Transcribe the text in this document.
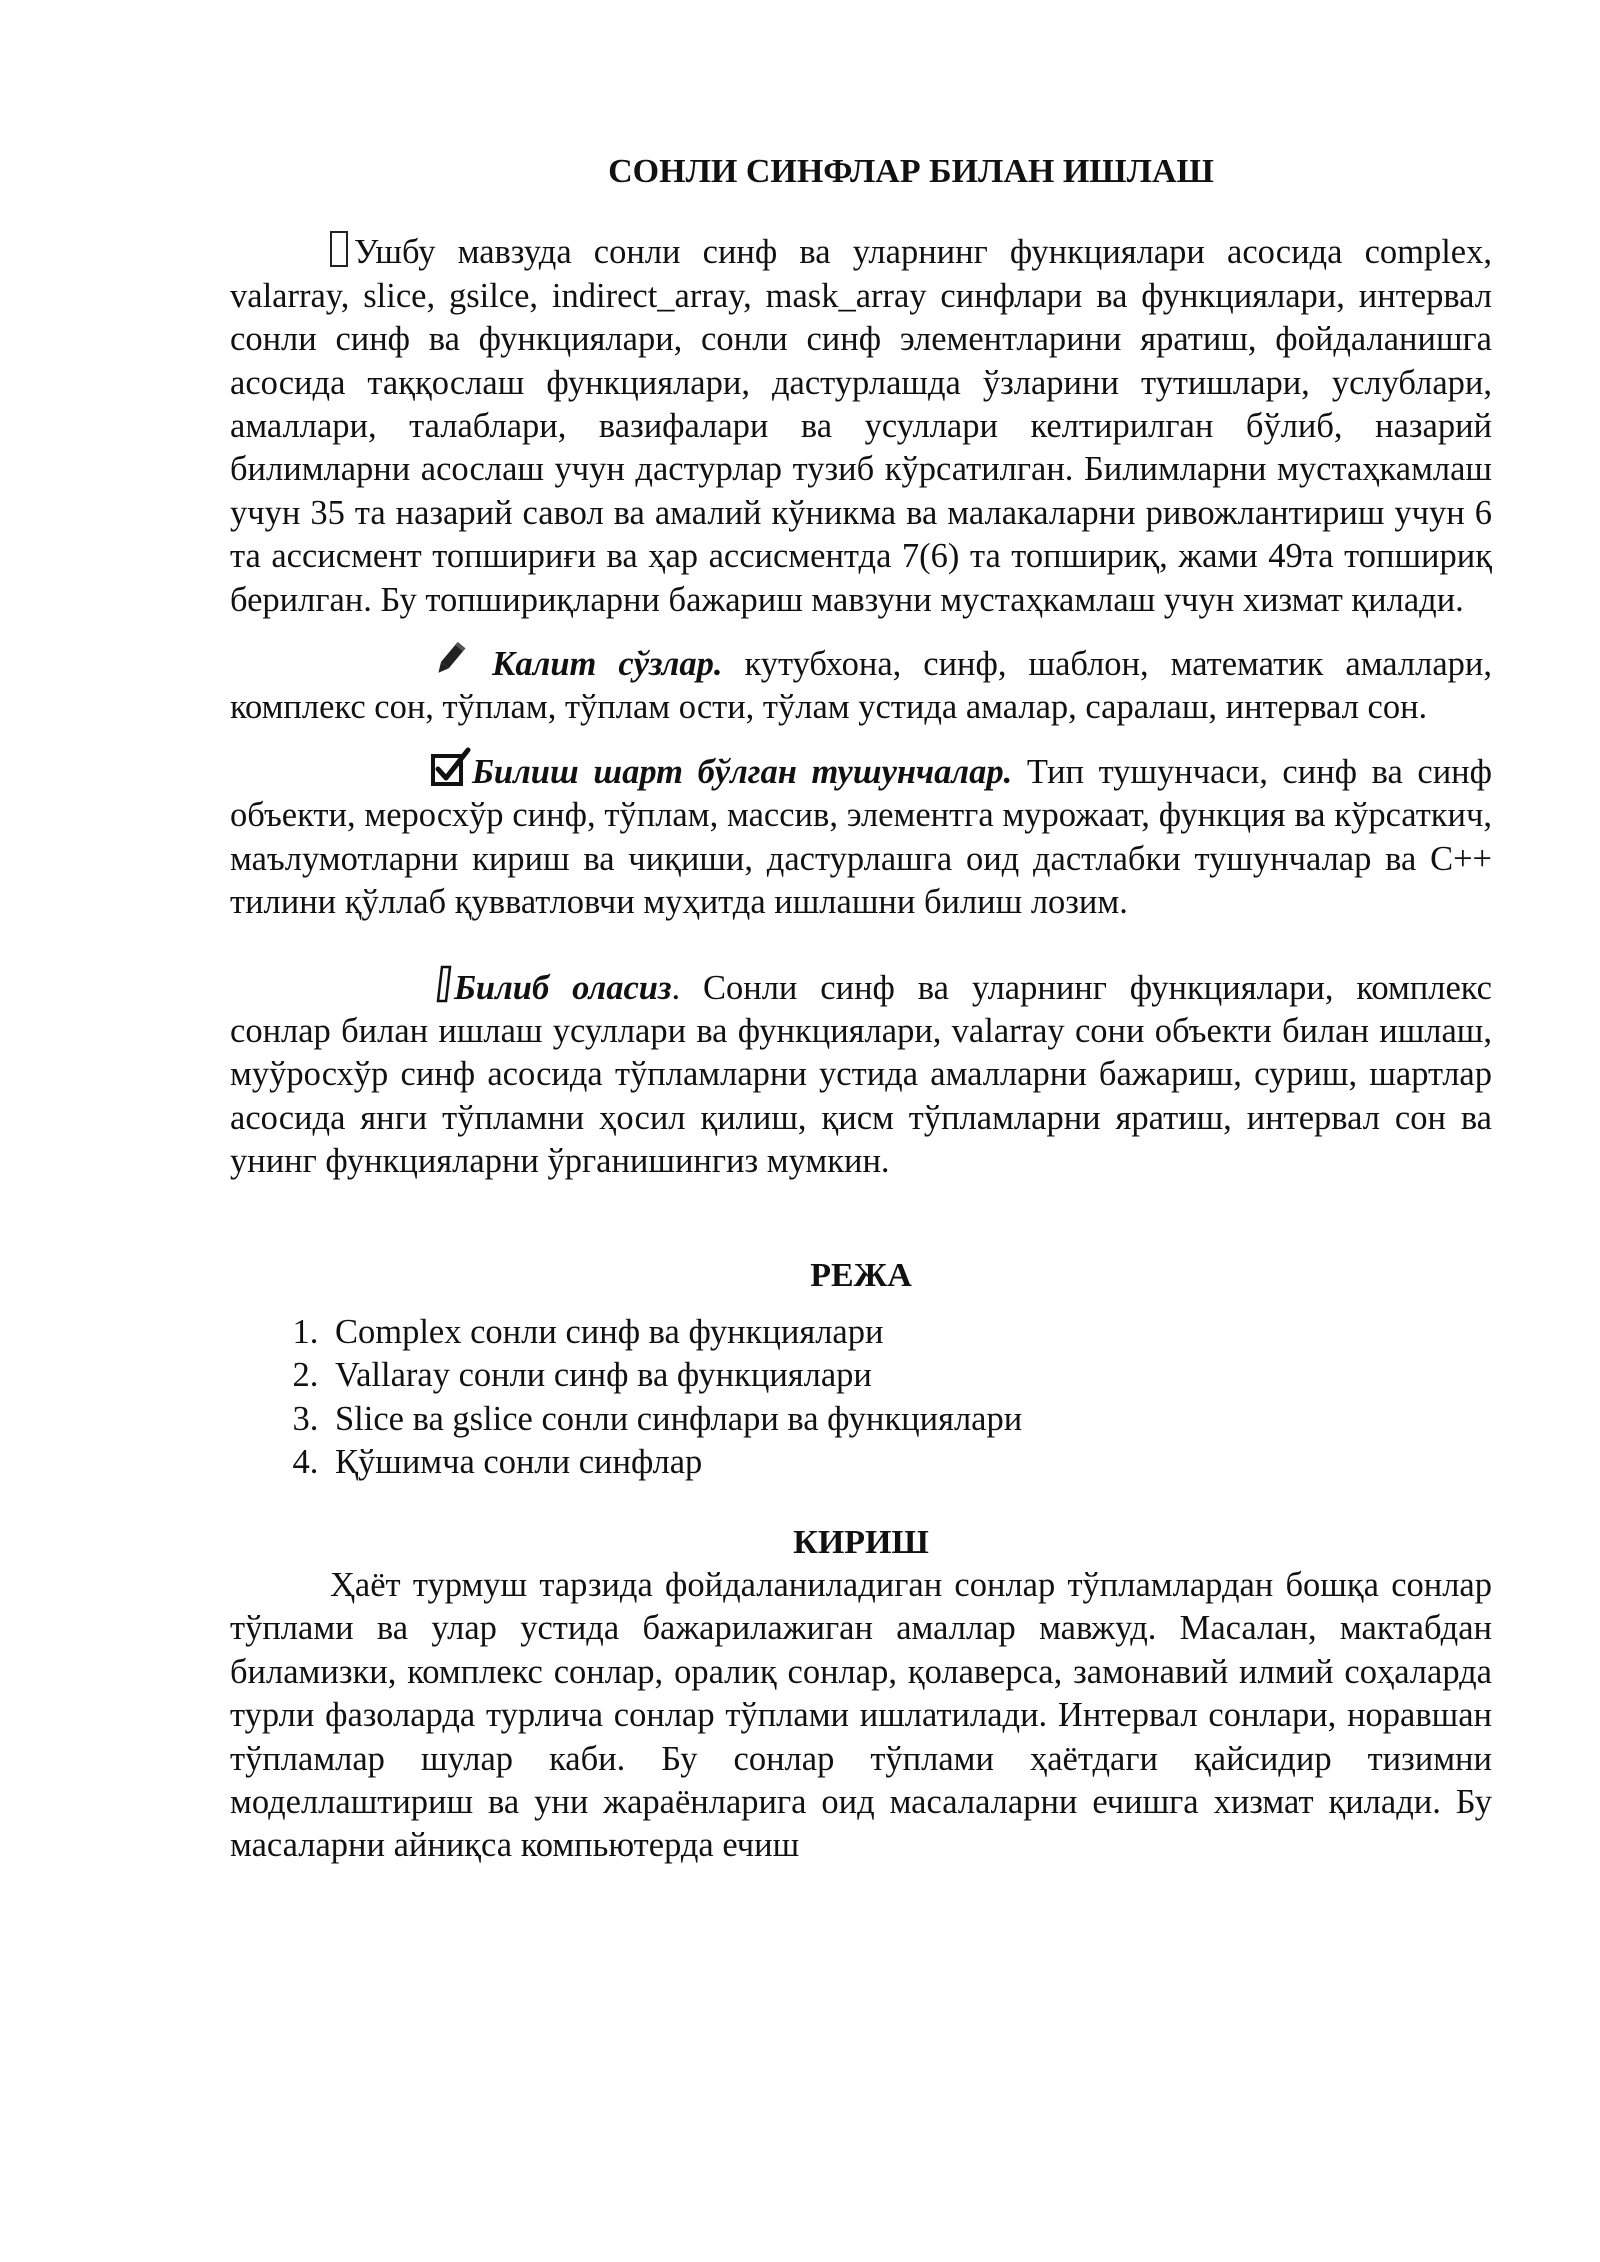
СОНЛИ СИНФЛАР БИЛАН ИШЛАШ

Ушбу мавзуда сонли синф ва уларнинг функциялари асосида complex, valarray, slice, gsilce, indirect_array, mask_array синфлари ва функциялари, интервал сонли синф ва функциялари, сонли синф элементларини яратиш, фойдаланишга асосида таққослаш функциялари, дастурлашда ўзларини тутишлари, услублари, амаллари, талаблари, вазифалари ва усуллари келтирилган бўлиб, назарий билимларни асослаш учун дастурлар тузиб кўрсатилган. Билимларни мустаҳкамлаш учун 35 та назарий савол ва амалий кўникма ва малакаларни ривожлантириш учун 6 та ассисмент топшириғи ва ҳар ассисментда 7(6) та топшириқ, жами 49та топшириқ берилган. Бу топшириқларни бажариш мавзуни мустаҳкамлаш учун хизмат қилади.

Калит сўзлар. кутубхона, синф, шаблон, математик амаллари, комплекс сон, тўплам, тўплам ости, тўлам устида амалар, саралаш, интервал сон.

Билиш шарт бўлган тушунчалар. Тип тушунчаси, синф ва синф объекти, меросхўр синф, тўплам, массив, элементга мурожаат, функция ва кўрсаткич, маълумотларни кириш ва чиқиши, дастурлашга оид дастлабки тушунчалар ва С++ тилини қўллаб қувватловчи муҳитда ишлашни билиш лозим.

Билиб оласиз. Сонли синф ва уларнинг функциялари, комплекс сонлар билан ишлаш усуллари ва функциялари, valarray сони объекти билан ишлаш, муўросхўр синф асосида тўпламларни устида амалларни бажариш, суриш, шартлар асосида янги тўпламни ҳосил қилиш, қисм тўпламларни яратиш, интервал сон ва унинг функцияларни ўрганишингиз мумкин.

РЕЖА
1. Complex сонли синф ва функциялари
2. Vallaray сонли синф ва функциялари
3. Slice ва gslice сонли синфлари ва функциялари
4. Қўшимча сонли синфлар
КИРИШ

Ҳаёт турмуш тарзида фойдаланиладиган сонлар тўпламлардан бошқа сонлар тўплами ва улар устида бажарилажиган амаллар мавжуд. Масалан, мактабдан биламизки, комплекс сонлар, оралиқ сонлар, қолаверса, замонавий илмий соҳаларда турли фазоларда турлича сонлар тўплами ишлатилади. Интервал сонлари, норавшан тўпламлар шулар каби. Бу сонлар тўплами ҳаётдаги қайсидир тизимни моделлаштириш ва уни жараёнларига оид масалаларни ечишга хизмат қилади. Бу масаларни айниқса компьютерда ечиш
